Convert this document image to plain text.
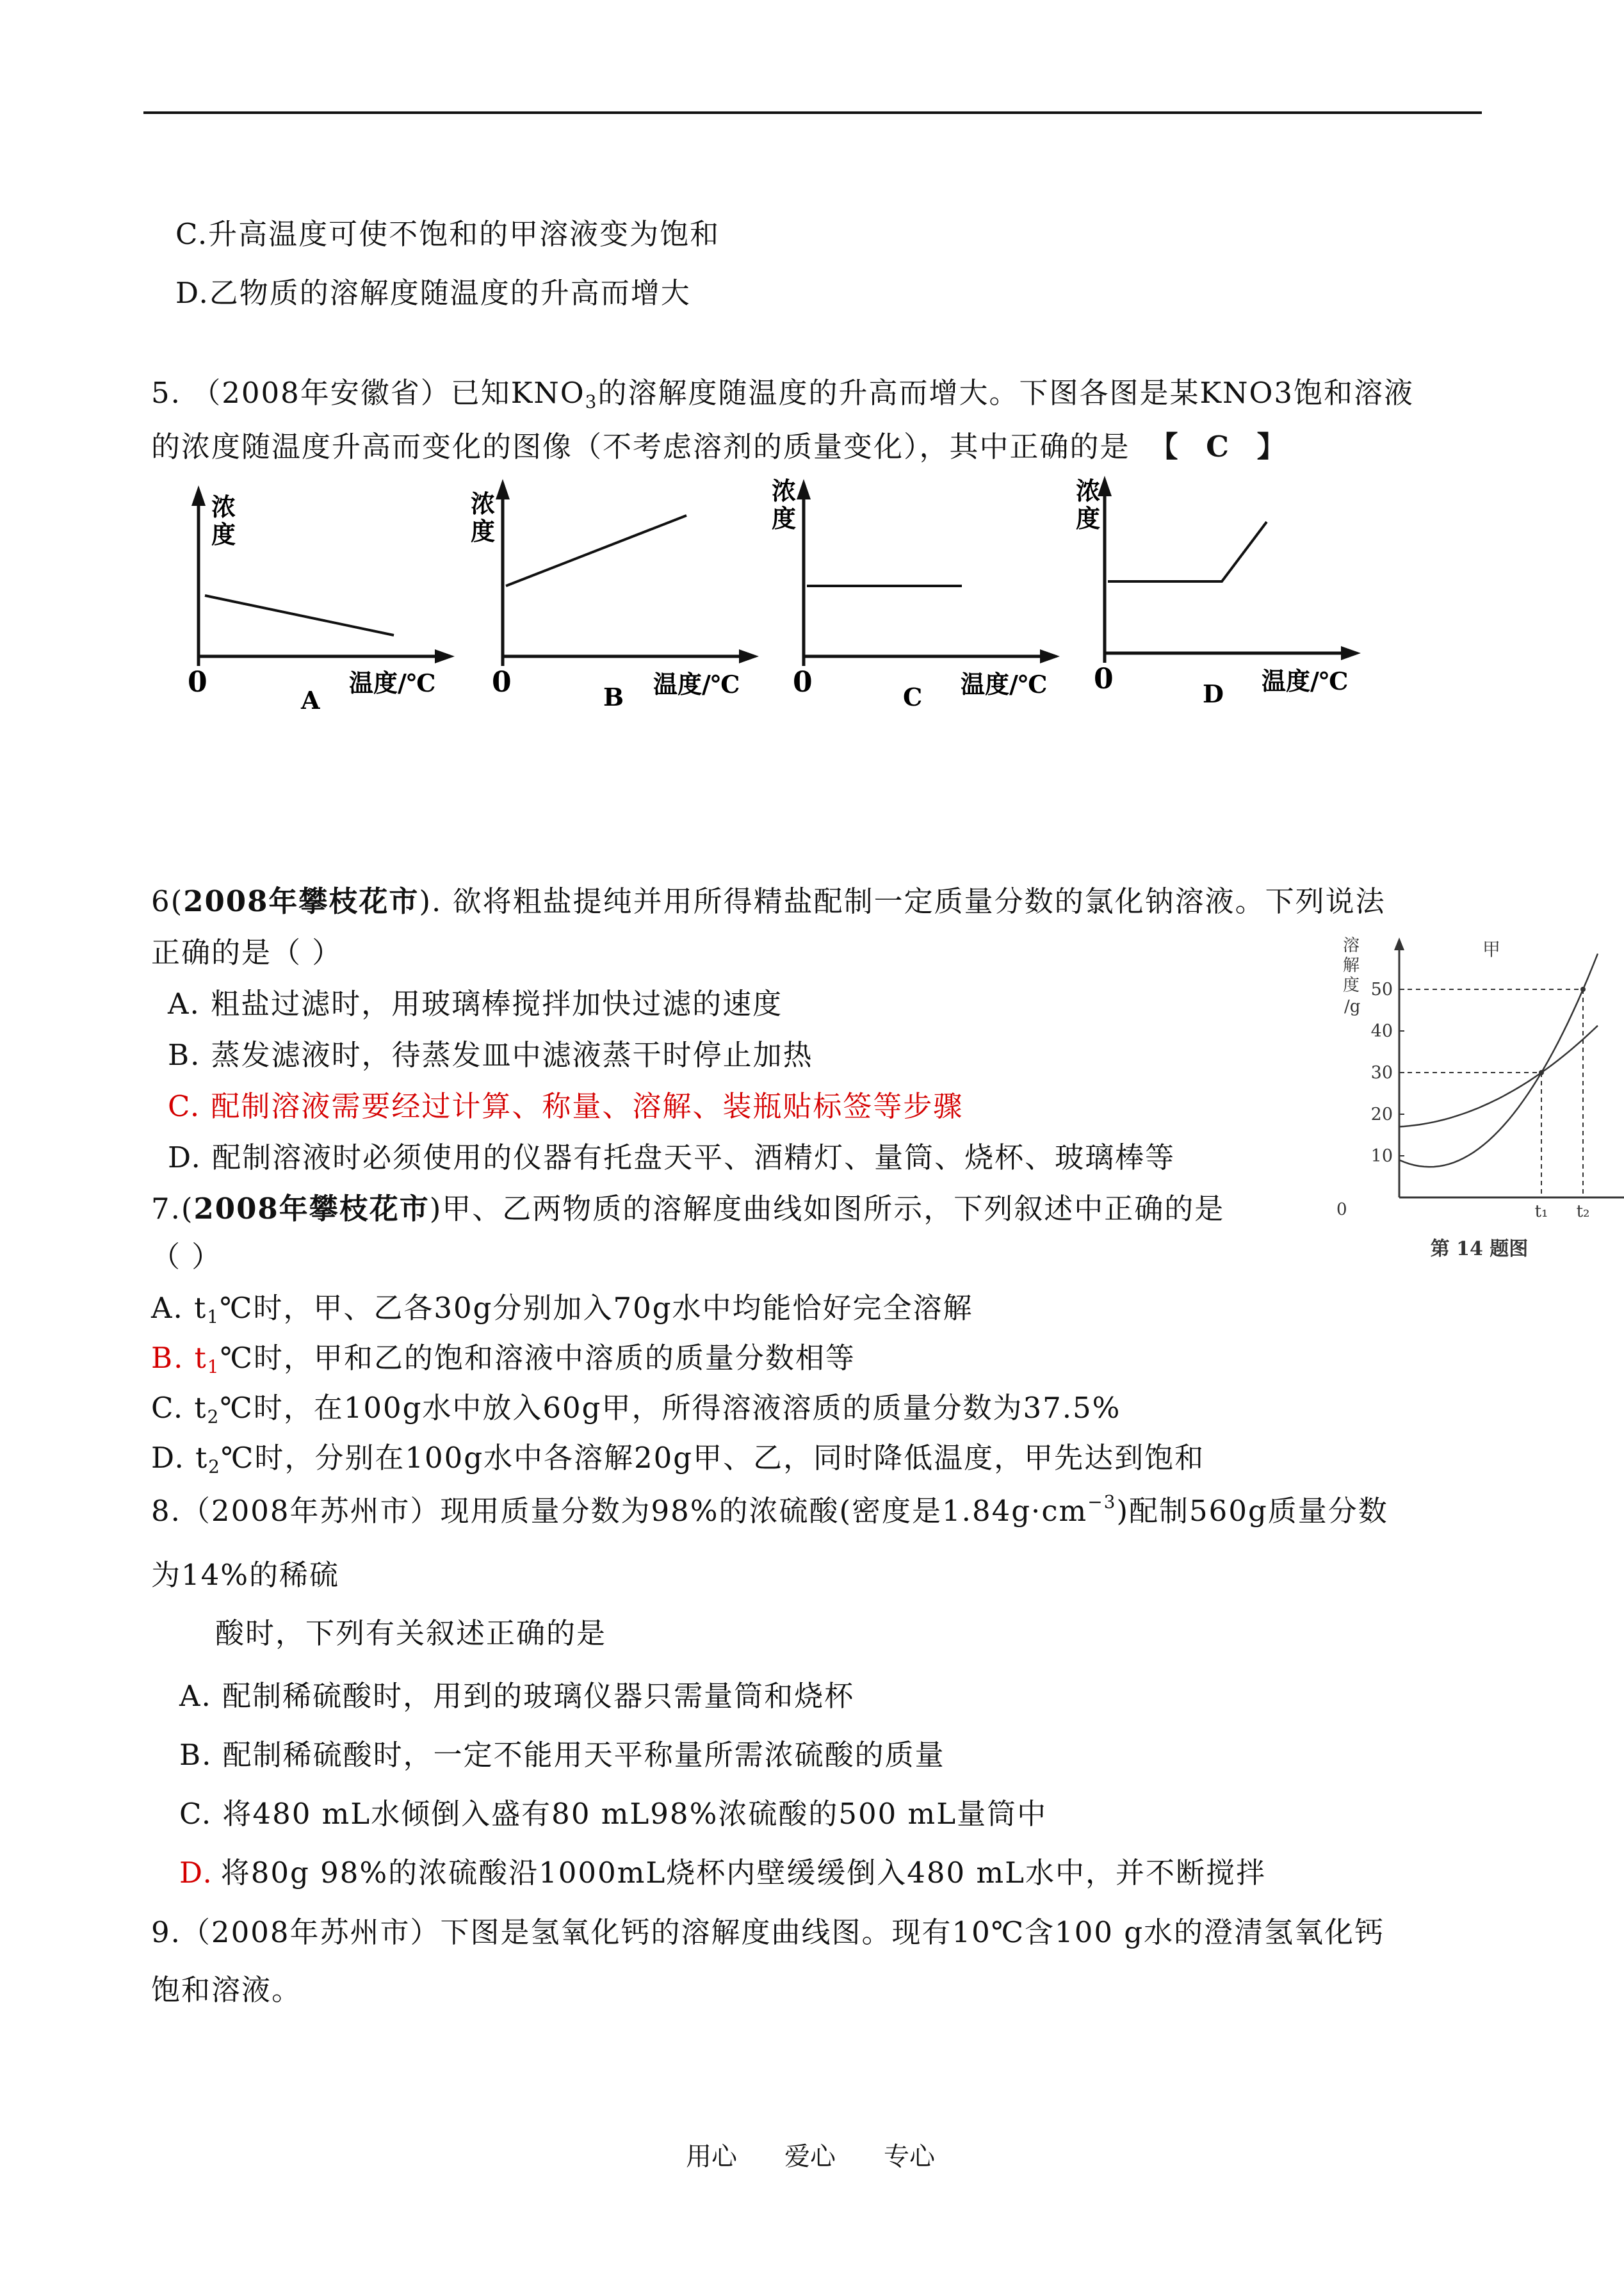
C.升高温度可使不饱和的甲溶液变为饱和
D.乙物质的溶解度随温度的升高而增大
5. （2008年安徽省）已知$KNO_3$的溶解度随温度的升高而增大。下图各图是某KNO3饱和溶液
的浓度随温度升高而变化的图像（不考虑溶剂的质量变化），其中正确的是 【 C 】
浓
度
0	温度/℃
A
浓
度
0	温度/℃
B
浓
度
0	温度/℃
C
浓
度
0	温度/℃
D
6(2008年攀枝花市). 欲将粗盐提纯并用所得精盐配制一定质量分数的氯化钠溶液。下列说法
正确的是（ ）
A. 粗盐过滤时，用玻璃棒搅拌加快过滤的速度
B. 蒸发滤液时，待蒸发皿中滤液蒸干时停止加热
C. 配制溶液需要经过计算、称量、溶解、装瓶贴标签等步骤
D. 配制溶液时必须使用的仪器有托盘天平、酒精灯、量筒、烧杯、玻璃棒等
溶
解
度
/g
10
20
30
40
50
t₁ t₂
0
甲
第 14 题图
7.(2008年攀枝花市)甲、乙两物质的溶解度曲线如图所示，下列叙述中正确的是
（ ）
A. $t_1℃$时，甲、乙各30g分别加入70g水中均能恰好完全溶解
B. $t_1℃$时，甲和乙的饱和溶液中溶质的质量分数相等
C. $t_2℃$时，在100g水中放入60g甲，所得溶液溶质的质量分数为37.5%
D. $t_2℃$时，分别在100g水中各溶解20g甲、乙，同时降低温度，甲先达到饱和
8.（2008年苏州市）现用质量分数为98%的浓硫酸(密度是$1.84g\cdot cm^{-3}$)配制560g质量分数
为14%的稀硫
酸时，下列有关叙述正确的是
A. 配制稀硫酸时，用到的玻璃仪器只需量筒和烧杯
B. 配制稀硫酸时，一定不能用天平称量所需浓硫酸的质量
C. 将480 mL水倾倒入盛有80 mL98%浓硫酸的500 mL量筒中
D. 将80g 98%的浓硫酸沿1000mL烧杯内壁缓缓倒入480 mL水中，并不断搅拌
9.（2008年苏州市）下图是氢氧化钙的溶解度曲线图。现有10℃含100 g水的澄清氢氧化钙
饱和溶液。
用心 爱心 专心
